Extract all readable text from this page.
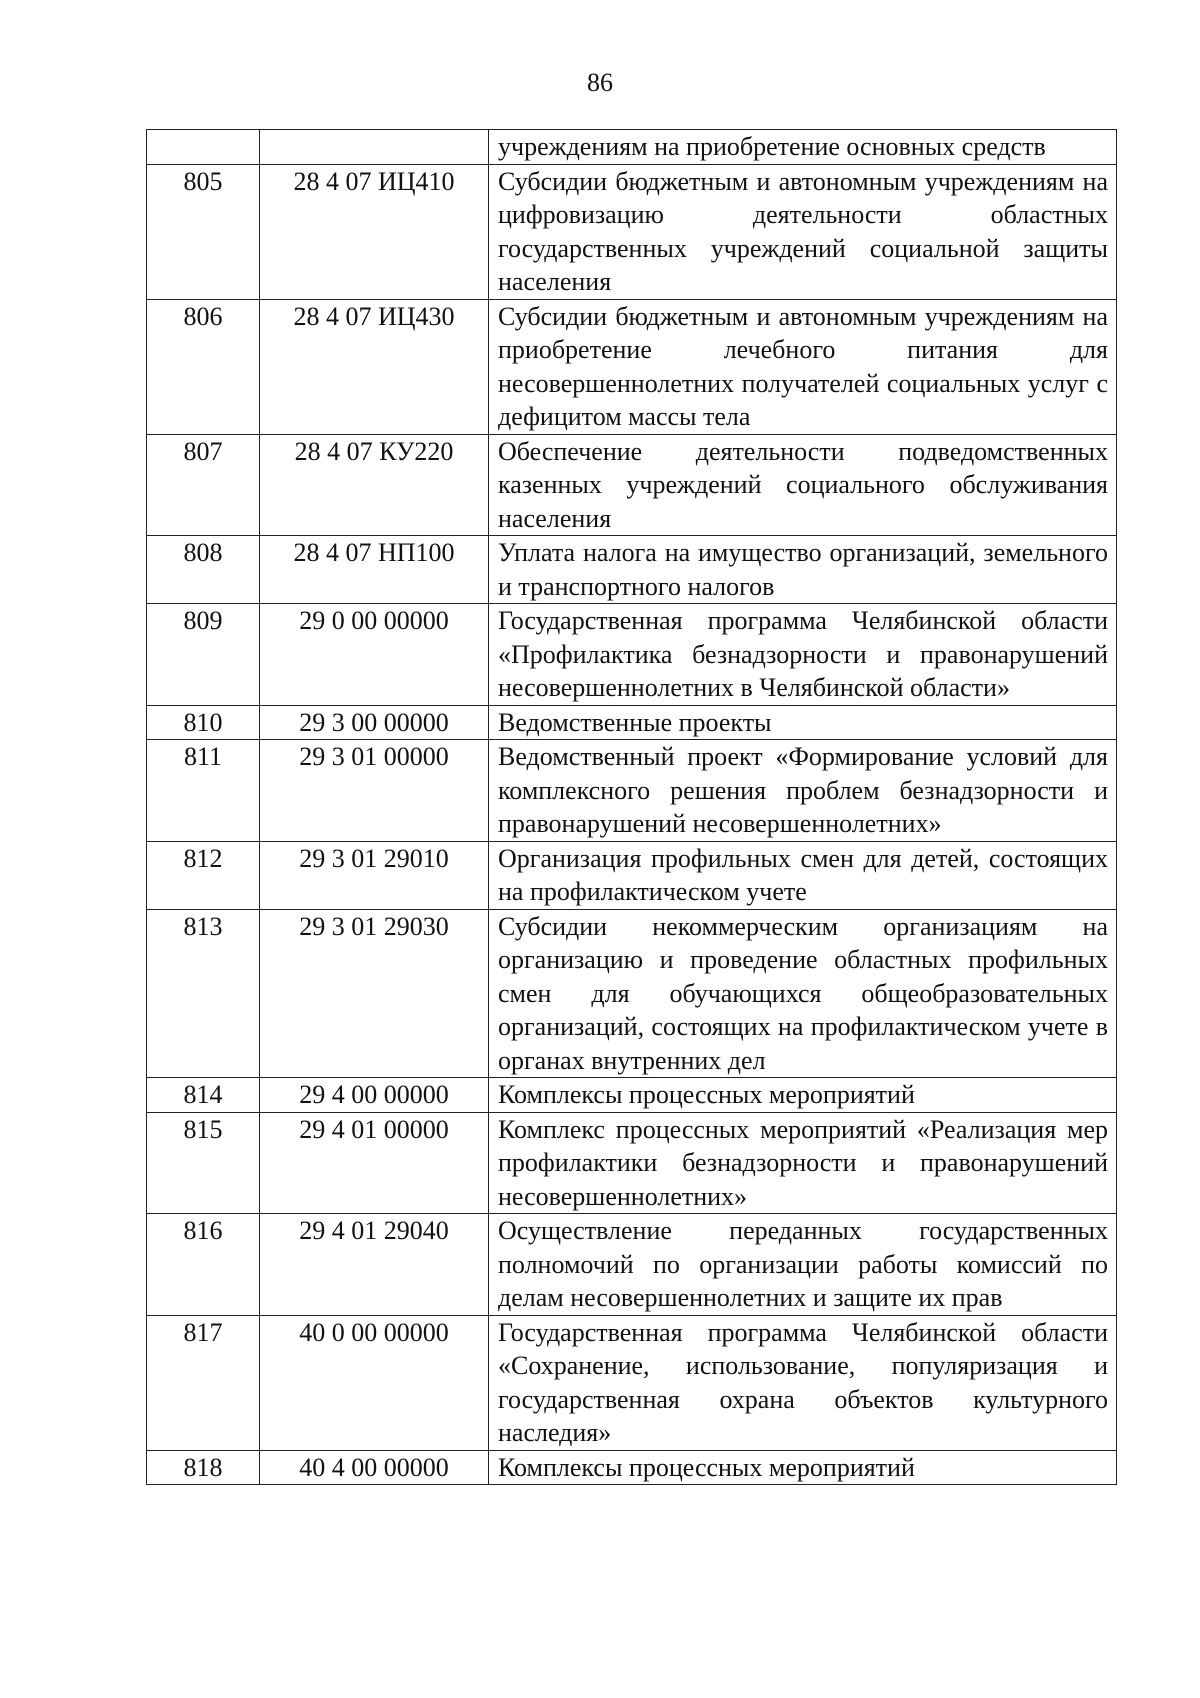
86

		учреждениям на приобретение основных средств

805	28 4 07 ИЦ410	Субсидии бюджетным и автономным учреждениям на цифровизацию деятельности областных государственных учреждений социальной защиты населения

806	28 4 07 ИЦ430	Субсидии бюджетным и автономным учреждениям на приобретение лечебного питания для несовершеннолетних получателей социальных услуг с дефицитом массы тела

807	28 4 07 КУ220	Обеспечение деятельности подведомственных казенных учреждений социального обслуживания населения

808	28 4 07 НП100	Уплата налога на имущество организаций, земельного и транспортного налогов

809	29 0 00 00000	Государственная программа Челябинской области «Профилактика безнадзорности и правонарушений несовершеннолетних в Челябинской области»

810	29 3 00 00000	Ведомственные проекты

811	29 3 01 00000	Ведомственный проект «Формирование условий для комплексного решения проблем безнадзорности и правонарушений несовершеннолетних»

812	29 3 01 29010	Организация профильных смен для детей, состоящих на профилактическом учете

813	29 3 01 29030	Субсидии некоммерческим организациям на организацию и проведение областных профильных смен для обучающихся общеобразовательных организаций, состоящих на профилактическом учете в органах внутренних дел

814	29 4 00 00000	Комплексы процессных мероприятий

815	29 4 01 00000	Комплекс процессных мероприятий «Реализация мер профилактики безнадзорности и правонарушений несовершеннолетних»

816	29 4 01 29040	Осуществление переданных государственных полномочий по организации работы комиссий по делам несовершеннолетних и защите их прав

817	40 0 00 00000	Государственная программа Челябинской области «Сохранение, использование, популяризация и государственная охрана объектов культурного наследия»

818	40 4 00 00000	Комплексы процессных мероприятий
